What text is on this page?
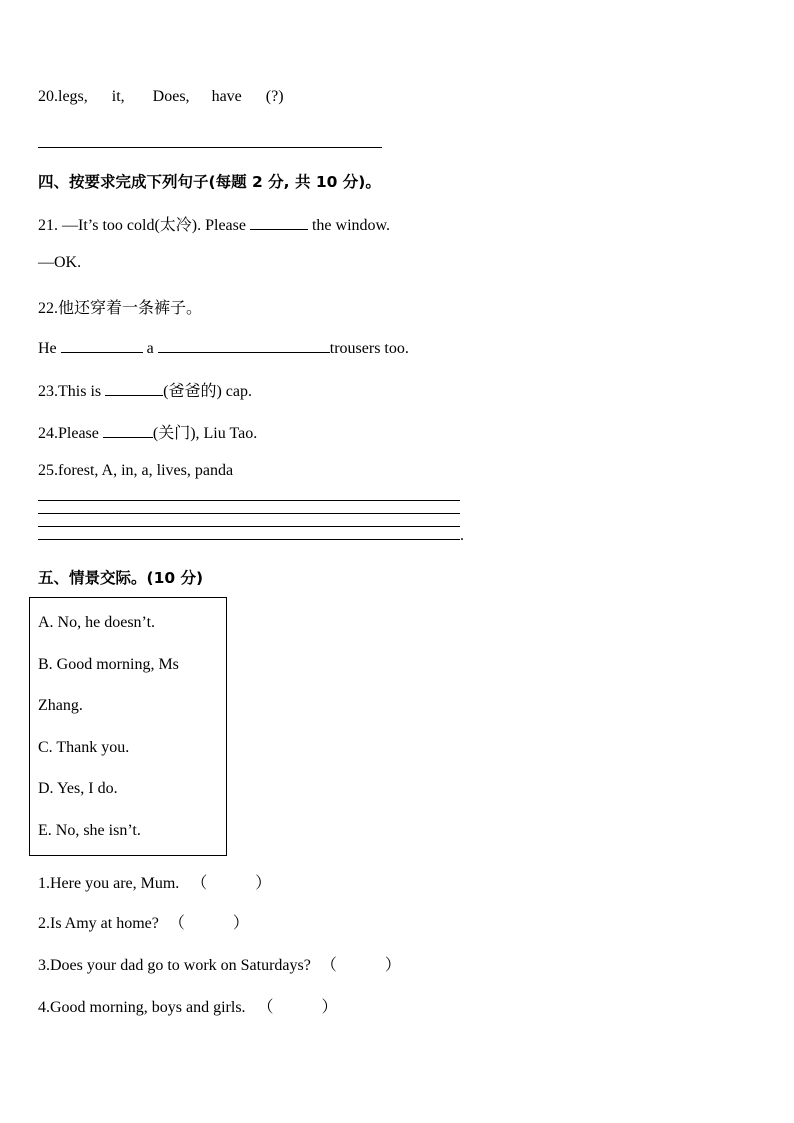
20.legs, it, Does, have (?)
四、按要求完成下列句子(每题 2 分, 共 10 分)。
21. —It’s too cold(太冷). Please	the window.
—OK.
22.他还穿着一条裤子。
He	a	trousers too.
23.This is	(爸爸的) cap.
24.Please	(关门), Liu Tao.
25.forest, A, in, a, lives, panda
.
五、情景交际。(10 分)
A. No, he doesn’t.
B. Good morning, Ms
Zhang.
C. Thank you.
D. Yes, I do.
E. No, she isn’t.
1.Here you are, Mum. （　　　）
2.Is Amy at home? （　　　）
3.Does your dad go to work on Saturdays? （　　　）
4.Good morning, boys and girls. （　　　）
